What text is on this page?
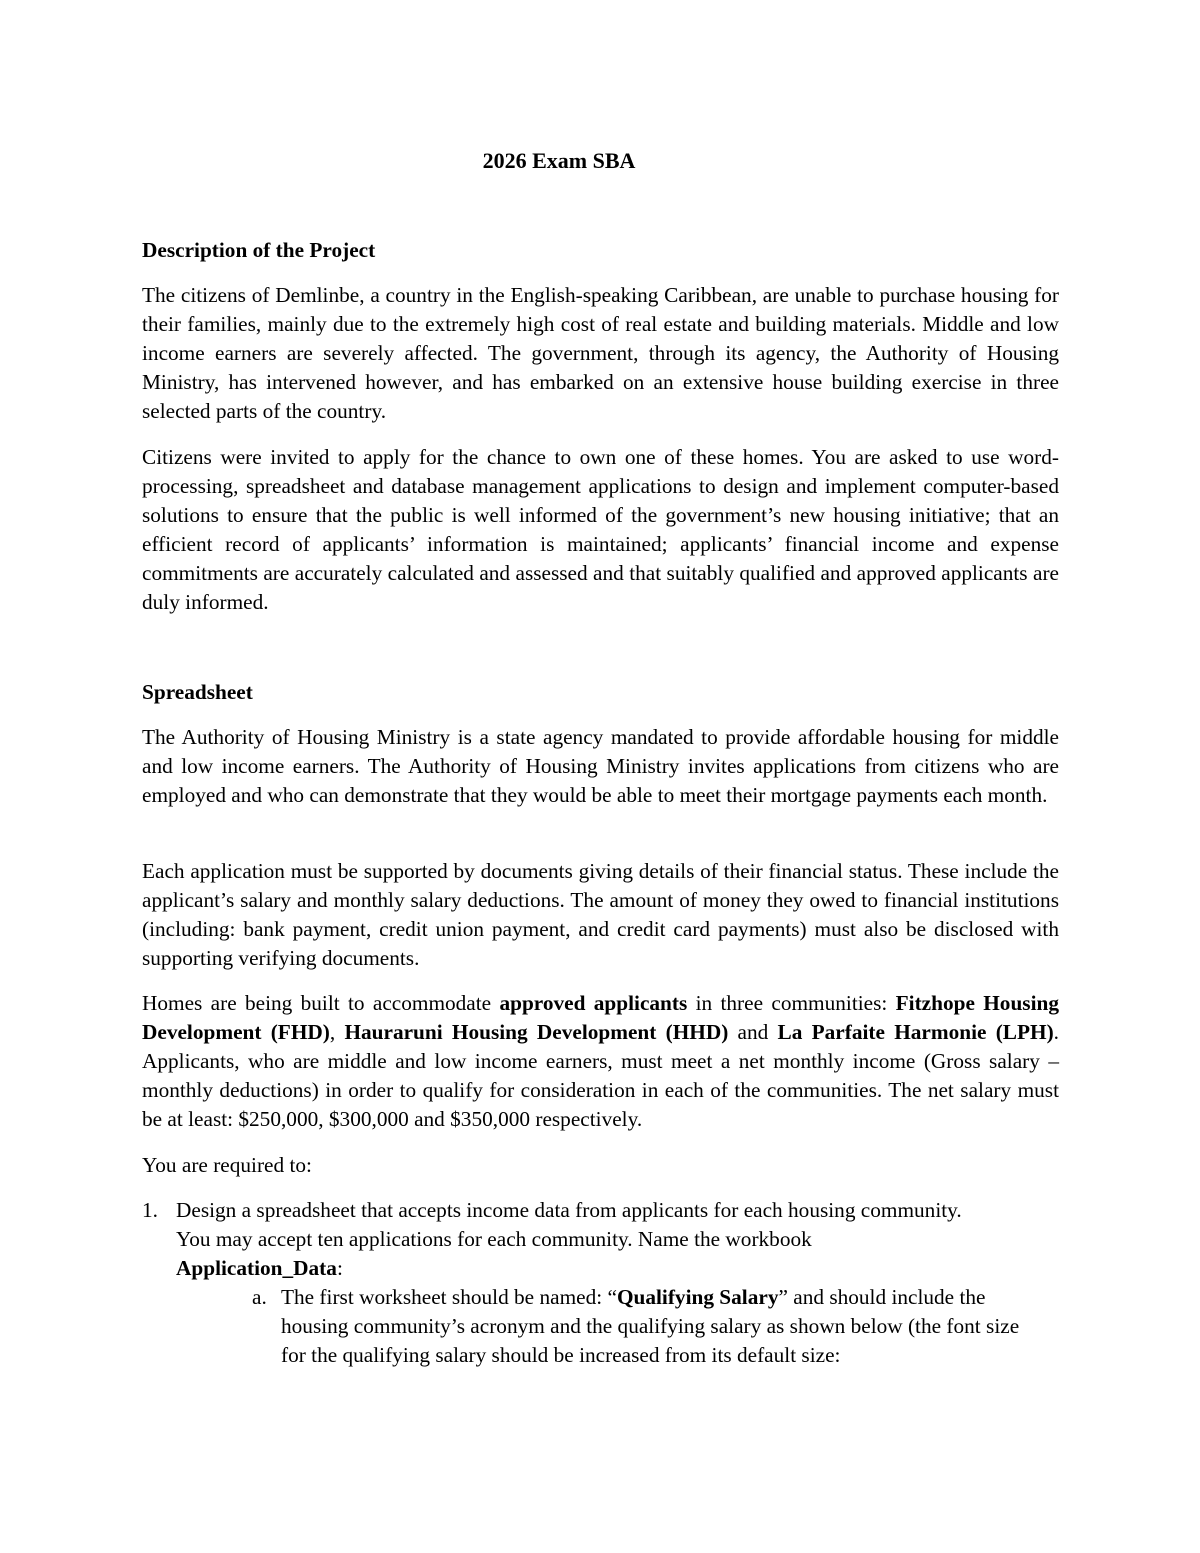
2026 Exam SBA
Description of the Project

The citizens of Demlinbe, a country in the English-speaking Caribbean, are unable to purchase housing for their families, mainly due to the extremely high cost of real estate and building materials. Middle and low income earners are severely affected. The government, through its agency, the Authority of Housing Ministry, has intervened however, and has embarked on an extensive house building exercise in three selected parts of the country.

Citizens were invited to apply for the chance to own one of these homes. You are asked to use word-processing, spreadsheet and database management applications to design and implement computer-based solutions to ensure that the public is well informed of the government’s new housing initiative; that an efficient record of applicants’ information is maintained; applicants’ financial income and expense commitments are accurately calculated and assessed and that suitably qualified and approved applicants are duly informed.

Spreadsheet

The Authority of Housing Ministry is a state agency mandated to provide affordable housing for middle and low income earners. The Authority of Housing Ministry invites applications from citizens who are employed and who can demonstrate that they would be able to meet their mortgage payments each month.

Each application must be supported by documents giving details of their financial status. These include the applicant’s salary and monthly salary deductions. The amount of money they owed to financial institutions (including: bank payment, credit union payment, and credit card payments) must also be disclosed with supporting verifying documents.

Homes are being built to accommodate approved applicants in three communities: Fitzhope Housing Development (FHD), Hauraruni Housing Development (HHD) and La Parfaite Harmonie (LPH). Applicants, who are middle and low income earners, must meet a net monthly income (Gross salary – monthly deductions) in order to qualify for consideration in each of the communities. The net salary must be at least: $250,000, $300,000 and $350,000 respectively.

You are required to:

1. Design a spreadsheet that accepts income data from applicants for each housing community.
You may accept ten applications for each community. Name the workbook
Application_Data:
a. The first worksheet should be named: “Qualifying Salary” and should include the housing community’s acronym and the qualifying salary as shown below (the font size for the qualifying salary should be increased from its default size:
